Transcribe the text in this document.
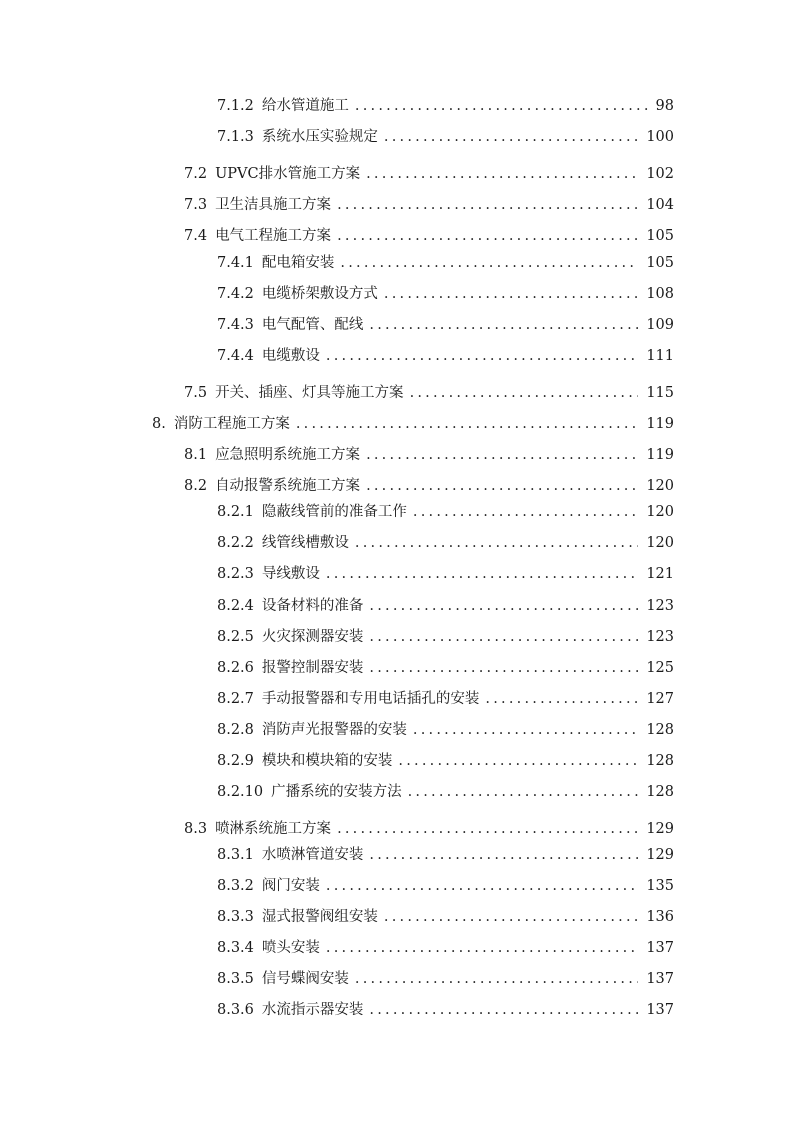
7.1.2 给水管道施工 .....	98
7.1.3 系统水压实验规定 .....	100
7.2 UPVC排水管施工方案 .....	102
7.3 卫生洁具施工方案 .....	104
7.4 电气工程施工方案 .....	105
7.4.1 配电箱安装 .....	105
7.4.2 电缆桥架敷设方式 .....	108
7.4.3 电气配管、配线 .....	109
7.4.4 电缆敷设 .....	111
7.5 开关、插座、灯具等施工方案 .....	115
8. 消防工程施工方案 .....	119
8.1 应急照明系统施工方案 .....	119
8.2 自动报警系统施工方案 .....	120
8.2.1 隐蔽线管前的准备工作 .....	120
8.2.2 线管线槽敷设 .....	120
8.2.3 导线敷设 .....	121
8.2.4 设备材料的准备 .....	123
8.2.5 火灾探测器安装 .....	123
8.2.6 报警控制器安装 .....	125
8.2.7 手动报警器和专用电话插孔的安装 .....	127
8.2.8 消防声光报警器的安装 .....	128
8.2.9 模块和模块箱的安装 .....	128
8.2.10 广播系统的安装方法 .....	128
8.3 喷淋系统施工方案 .....	129
8.3.1 水喷淋管道安装 .....	129
8.3.2 阀门安装 .....	135
8.3.3 湿式报警阀组安装 .....	136
8.3.4 喷头安装 .....	137
8.3.5 信号蝶阀安装 .....	137
8.3.6 水流指示器安装 .....	137
